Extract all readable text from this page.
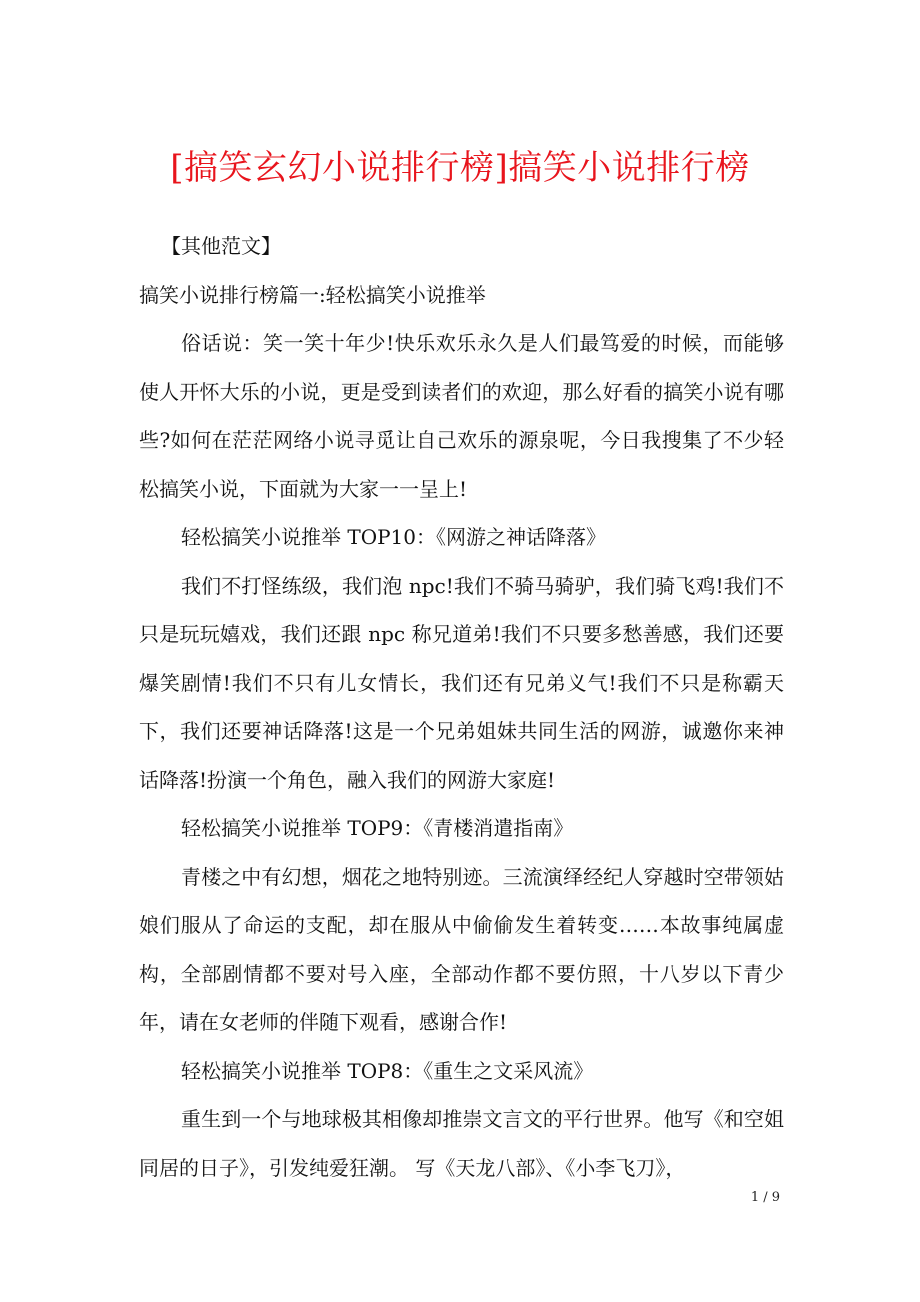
[搞笑玄幻小说排行榜]搞笑小说排行榜

【其他范文】

搞笑小说排行榜篇一:轻松搞笑小说推举

俗话说：笑一笑十年少!快乐欢乐永久是人们最笃爱的时候，而能够使人开怀大乐的小说，更是受到读者们的欢迎，那么好看的搞笑小说有哪些?如何在茫茫网络小说寻觅让自己欢乐的源泉呢，今日我搜集了不少轻松搞笑小说，下面就为大家一一呈上!

轻松搞笑小说推举 TOP10：《网游之神话降落》

我们不打怪练级，我们泡 npc!我们不骑马骑驴，我们骑飞鸡!我们不只是玩玩嬉戏，我们还跟 npc 称兄道弟!我们不只要多愁善感，我们还要爆笑剧情!我们不只有儿女情长，我们还有兄弟义气!我们不只是称霸天下，我们还要神话降落!这是一个兄弟姐妹共同生活的网游，诚邀你来神话降落!扮演一个角色，融入我们的网游大家庭!

轻松搞笑小说推举 TOP9：《青楼消遣指南》

青楼之中有幻想，烟花之地特别迹。三流演绎经纪人穿越时空带领姑娘们服从了命运的支配，却在服从中偷偷发生着转变……本故事纯属虚构，全部剧情都不要对号入座，全部动作都不要仿照，十八岁以下青少年，请在女老师的伴随下观看，感谢合作!

轻松搞笑小说推举 TOP8：《重生之文采风流》

重生到一个与地球极其相像却推崇文言文的平行世界。他写《和空姐同居的日子》，引发纯爱狂潮。 写《天龙八部》、《小李飞刀》，

1 / 9
